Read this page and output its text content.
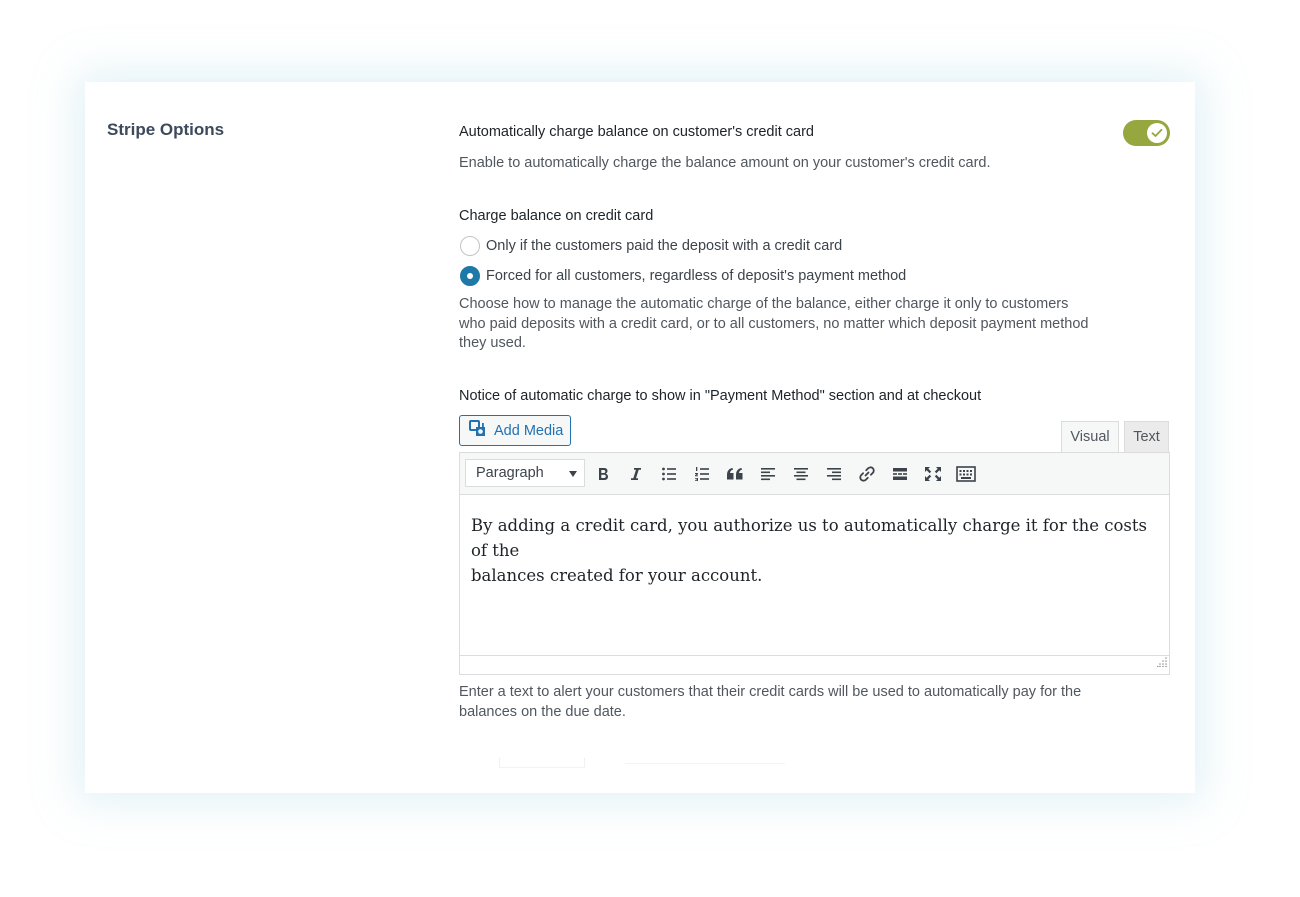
Stripe Options	Automatically charge balance on customer's credit card
Enable to automatically charge the balance amount on your customer's credit card.
Charge balance on credit card
Only if the customers paid the deposit with a credit card
Forced for all customers, regardless of deposit's payment method
Choose how to manage the automatic charge of the balance, either charge it only to customers
who paid deposits with a credit card, or to all customers, no matter which deposit payment method
they used.
Notice of automatic charge to show in "Payment Method" section and at checkout
Add Media	Visual	Text
Paragraph
By adding a credit card, you authorize us to automatically charge it for the costs of the
balances created for your account.
Enter a text to alert your customers that their credit cards will be used to automatically pay for the
balances on the due date.
